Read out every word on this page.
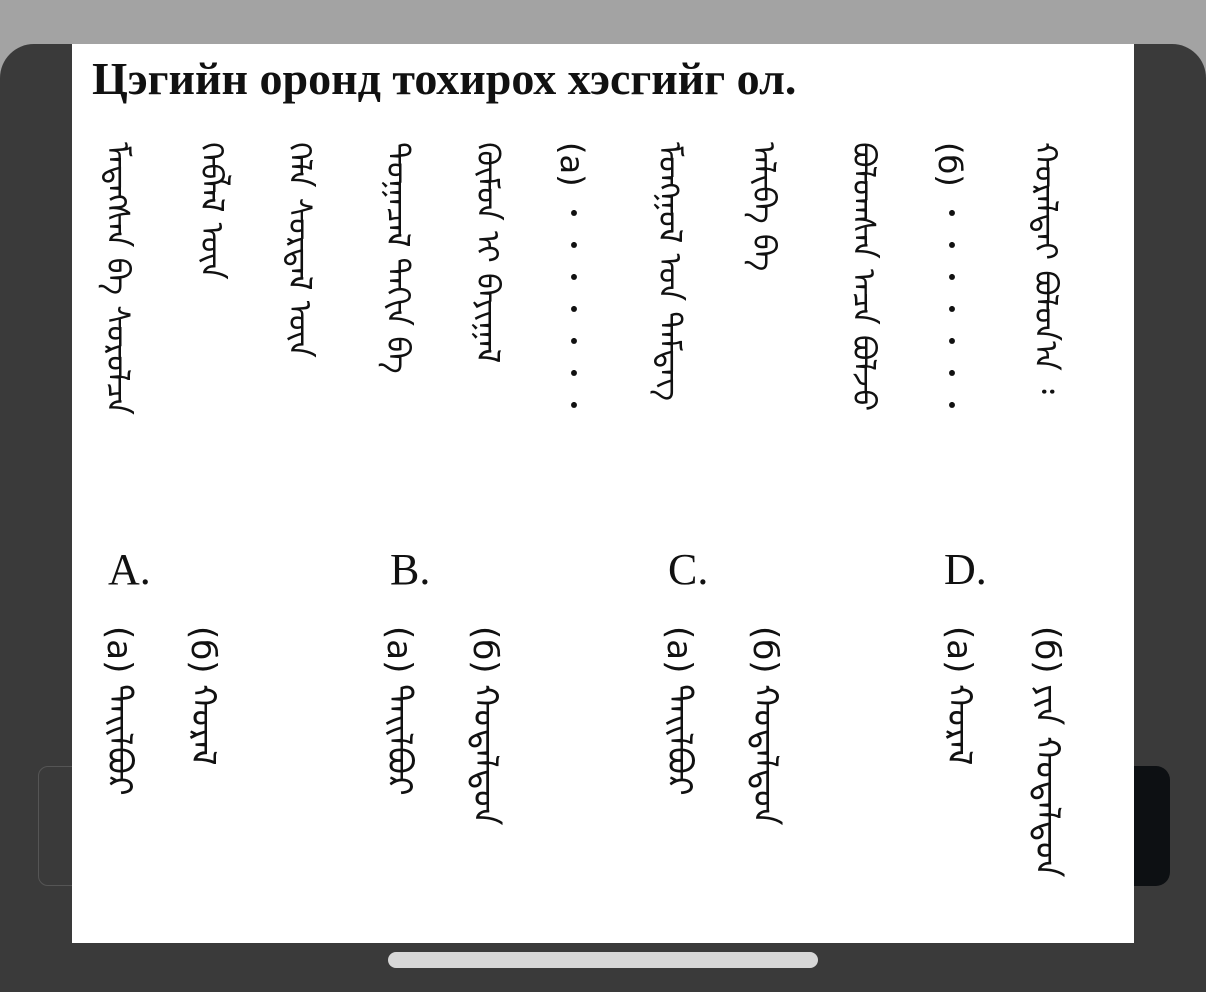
Цэгийн оронд тохирох хэсгийг ол.
ᠬᠤᠷᠠᠯᠳᠠᠢ ᠪᠣᠯᠤᠨ᠎ᠠ ᠄
(б) ・・・・・・・
ᠪᠣᠯᠤᠭᠰᠠᠨ ᠠᠴᠠ ᠪᠣᠯᠵᠤ
ᠠᠯᠢᠪᠠ ᠪᠠ
ᠮᠣᠩᠭᠣᠯ ᠤᠨ ᠲᠡᠮᠳᠡᠭ
(а) ・・・・・・・
ᠬᠦᠮᠦᠨ ᠢ ᠪᠠᠶᠢᠭᠠᠯ
ᠲᠣᠭᠠᠴᠠᠯ ᠳᠠᠬᠢᠨ ᠪᠠ
ᠬᠡᠯᠡ ᠰᠤᠷᠲᠠᠯ ᠦᠨ
ᠬᠡᠪᠯᠡᠯ ᠦᠨ
ᠮᠡᠳᠡᠭᠰᠡᠨ ᠪᠠ ᠰᠤᠷᠤᠯᠴᠠ
A.
(а) ᠲᠠᠢᠯᠪᠤᠷ (б) ᠬᠤᠷᠠᠯ
B.
(а) ᠲᠠᠢᠯᠪᠤᠷ (б) ᠬᠤᠳᠠᠯᠳᠤᠨ
C.
(а) ᠲᠠᠢᠯᠪᠤᠷ (б) ᠬᠤᠳᠠᠯᠳᠤᠨ
D.
(а) ᠬᠤᠷᠠᠯ (б) ᠶᠢᠨ ᠬᠤᠳᠠᠯᠳᠤᠨ
